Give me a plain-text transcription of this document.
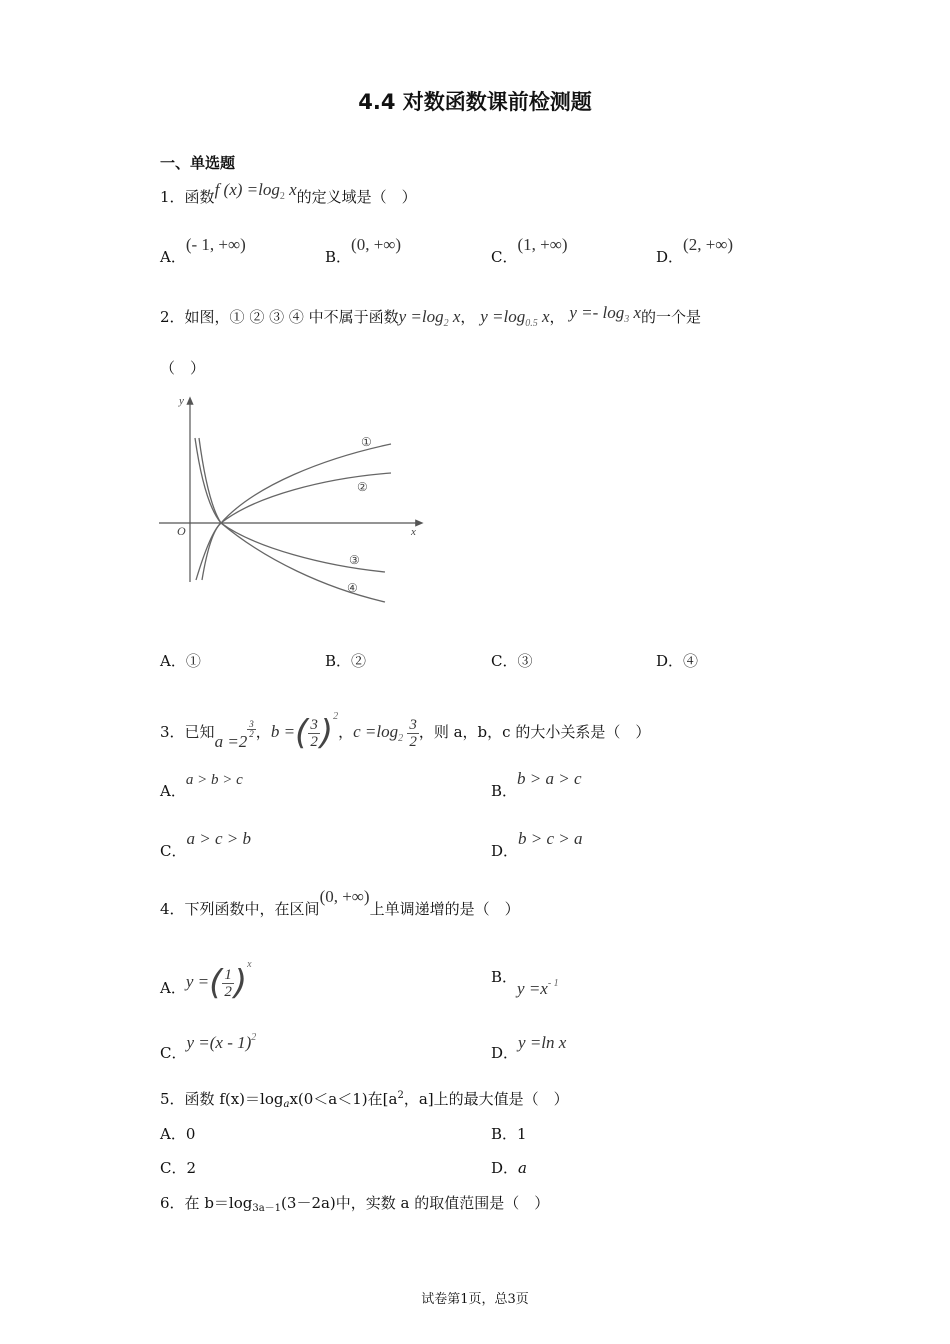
4.4 对数函数课前检测题
一、单选题
1．函数f $(x) =\log_2$ x的定义域是（　）
A．(- 1, +∞)
B．(0, +∞)
C．(1, +∞)
D．(2, +∞)
2．如图，① ② ③ ④ 中不属于函数$y =\log_2$ x， $y =\log_{0.5}$ x， $y =- \log_3 x$的一个是
（　）
y
x
O
①
②
③
④
A．①	B．②	C．③	D．④
3．已知a =2
$\frac{3}{2}$ ，b =( $\frac{3}{2} )^2$，$c =\log_2 \frac{3}{2}$ ，则 a，b，c 的大小关系是（　）
A．a > b > c
B．b > a > c
C．a > c > b
D．b > c > a
4．下列函数中，在区间(0, +∞)上单调递增的是（　）
A．y =( $\frac{1}{2} )^x$
B．$y =x^{- 1}$
C．y =(x - 1)$^2$
D．y =ln x
5．函数 $f(x)=\log_ax(0<a<1)$在[$a^2$，a]上的最大值是（　）
A．0	B．1
C．2	D．a
6．在 $b=\log_{3a-1}(3-2a)$中，实数 a 的取值范围是（　）
试卷第1页，总3页
